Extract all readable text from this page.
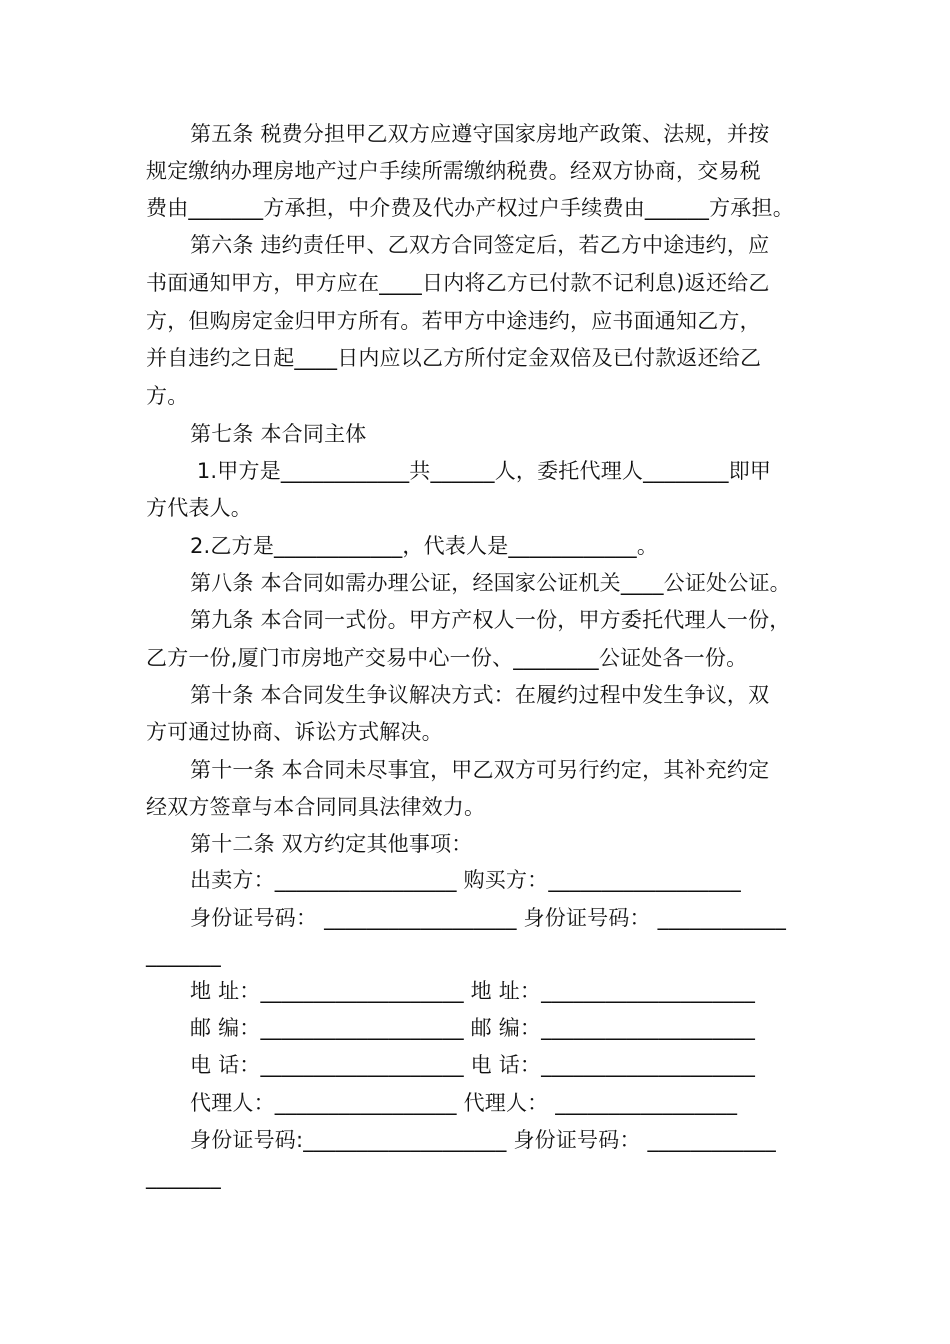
第五条 税费分担甲乙双方应遵守国家房地产政策、法规，并按
规定缴纳办理房地产过户手续所需缴纳税费。经双方协商，交易税
费由_______方承担，中介费及代办产权过户手续费由______方承担。
第六条 违约责任甲、乙双方合同签定后，若乙方中途违约，应
书面通知甲方，甲方应在____日内将乙方已付款不记利息)返还给乙
方，但购房定金归甲方所有。若甲方中途违约，应书面通知乙方，
并自违约之日起____日内应以乙方所付定金双倍及已付款返还给乙
方。
第七条 本合同主体
1.甲方是____________共______人，委托代理人________即甲
方代表人。
2.乙方是____________，代表人是____________。
第八条 本合同如需办理公证，经国家公证机关____公证处公证。
第九条 本合同一式份。甲方产权人一份，甲方委托代理人一份，
乙方一份,厦门市房地产交易中心一份、________公证处各一份。
第十条 本合同发生争议解决方式：在履约过程中发生争议，双
方可通过协商、诉讼方式解决。
第十一条 本合同未尽事宜，甲乙双方可另行约定，其补充约定
经双方签章与本合同同具法律效力。
第十二条 双方约定其他事项：
出卖方：_________________ 购买方：__________________
身份证号码： __________________ 身份证号码： ____________
_______
地 址：___________________ 地 址：____________________
邮 编：___________________ 邮 编：____________________
电 话：___________________ 电 话：____________________
代理人：_________________ 代理人： _________________
身份证号码:___________________ 身份证号码： ____________
_______
